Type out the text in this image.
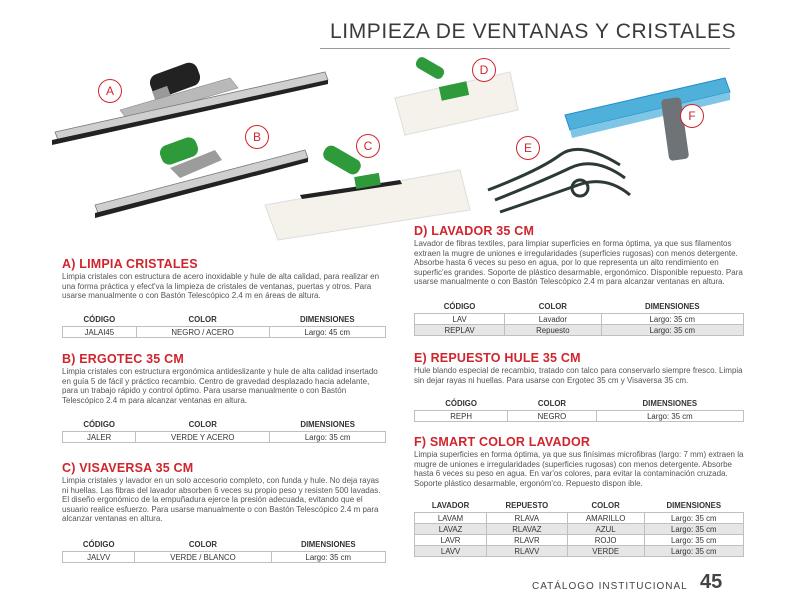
LIMPIEZA DE VENTANAS Y CRISTALES
A
B
C
D
E
F
A) LIMPIA CRISTALES
Limpia cristales con estructura de acero inoxidable y hule de alta calidad, para realizar en una forma práctica y efect'va la limpieza de cristales de ventanas, puertas y otros. Para usarse manualmente o con Bastón Telescópico 2.4 m en áreas de altura.
CÓDIGO	COLOR	DIMENSIONES
JALAI45	NEGRO / ACERO	Largo: 45 cm
B) ERGOTEC 35 CM
Limpia cristales con estructura ergonómica antideslizante y hule de alta calidad insertado en guía 5 de fácil y práctico recambio. Centro de gravedad desplazado hacia adelante, para un trabajo rápido y control óptimo. Para usarse manualmente o con Bastón Telescópico 2.4 m para alcanzar ventanas en altura.
CÓDIGO	COLOR	DIMENSIONES
JALER	VERDE Y ACERO	Largo: 35 cm
C) VISAVERSA 35 CM
Limpia cristales y lavador en un solo accesorio completo, con funda y hule. No deja rayas ni huellas. Las fibras del lavador absorben 6 veces su propio peso y resisten 500 lavadas. El diseño ergonómico de la empuñadura ejerce la presión adecuada, evitando que el usuario realice esfuerzo. Para usarse manualmente o con Bastón Telescópico 2.4 m para alcanzar ventanas en altura.
CÓDIGO	COLOR	DIMENSIONES
JALVV	VERDE / BLANCO	Largo: 35 cm
D) LAVADOR 35 CM
Lavador de fibras textiles, para limpiar superficies en forma óptima, ya que sus filamentos extraen la mugre de uniones e irregularidades (superficies rugosas) con menos detergente. Absorbe hasta 6 veces su peso en agua, por lo que representa un alto rendimiento en superfic'es grandes. Soporte de plástico desarmable, ergonómico. Disponible repuesto. Para usarse manualmente o con Bastón Telescópico 2.4 m para alcanzar ventanas en altura.
CÓDIGO	COLOR	DIMENSIONES
LAV	Lavador	Largo: 35 cm
REPLAV	Repuesto	Largo: 35 cm
E) REPUESTO HULE 35 CM
Hule blando especial de recambio, tratado con talco para conservarlo siempre fresco. Limpia sin dejar rayas ni huellas. Para usarse con Ergotec 35 cm y Visaversa 35 cm.
CÓDIGO	COLOR	DIMENSIONES
REPH	NEGRO	Largo: 35 cm
F) SMART COLOR LAVADOR
Limpia superficies en forma óptima, ya que sus finísimas microfibras (largo: 7 mm) extraen la mugre de uniones e irregularidades (superficies rugosas) con menos detergente. Absorbe hasta 6 veces su peso en agua. En var'os colores, para evitar la contaminación cruzada. Soporte plástico desarmable, ergonóm'co. Repuesto dispon ible.
LAVADOR	REPUESTO	COLOR	DIMENSIONES
LAVAM	RLAVA	AMARILLO	Largo: 35 cm
LAVAZ	RLAVAZ	AZUL	Largo: 35 cm
LAVR	RLAVR	ROJO	Largo: 35 cm
LAVV	RLAVV	VERDE	Largo: 35 cm
CATÁLOGO INSTITUCIONAL 45
